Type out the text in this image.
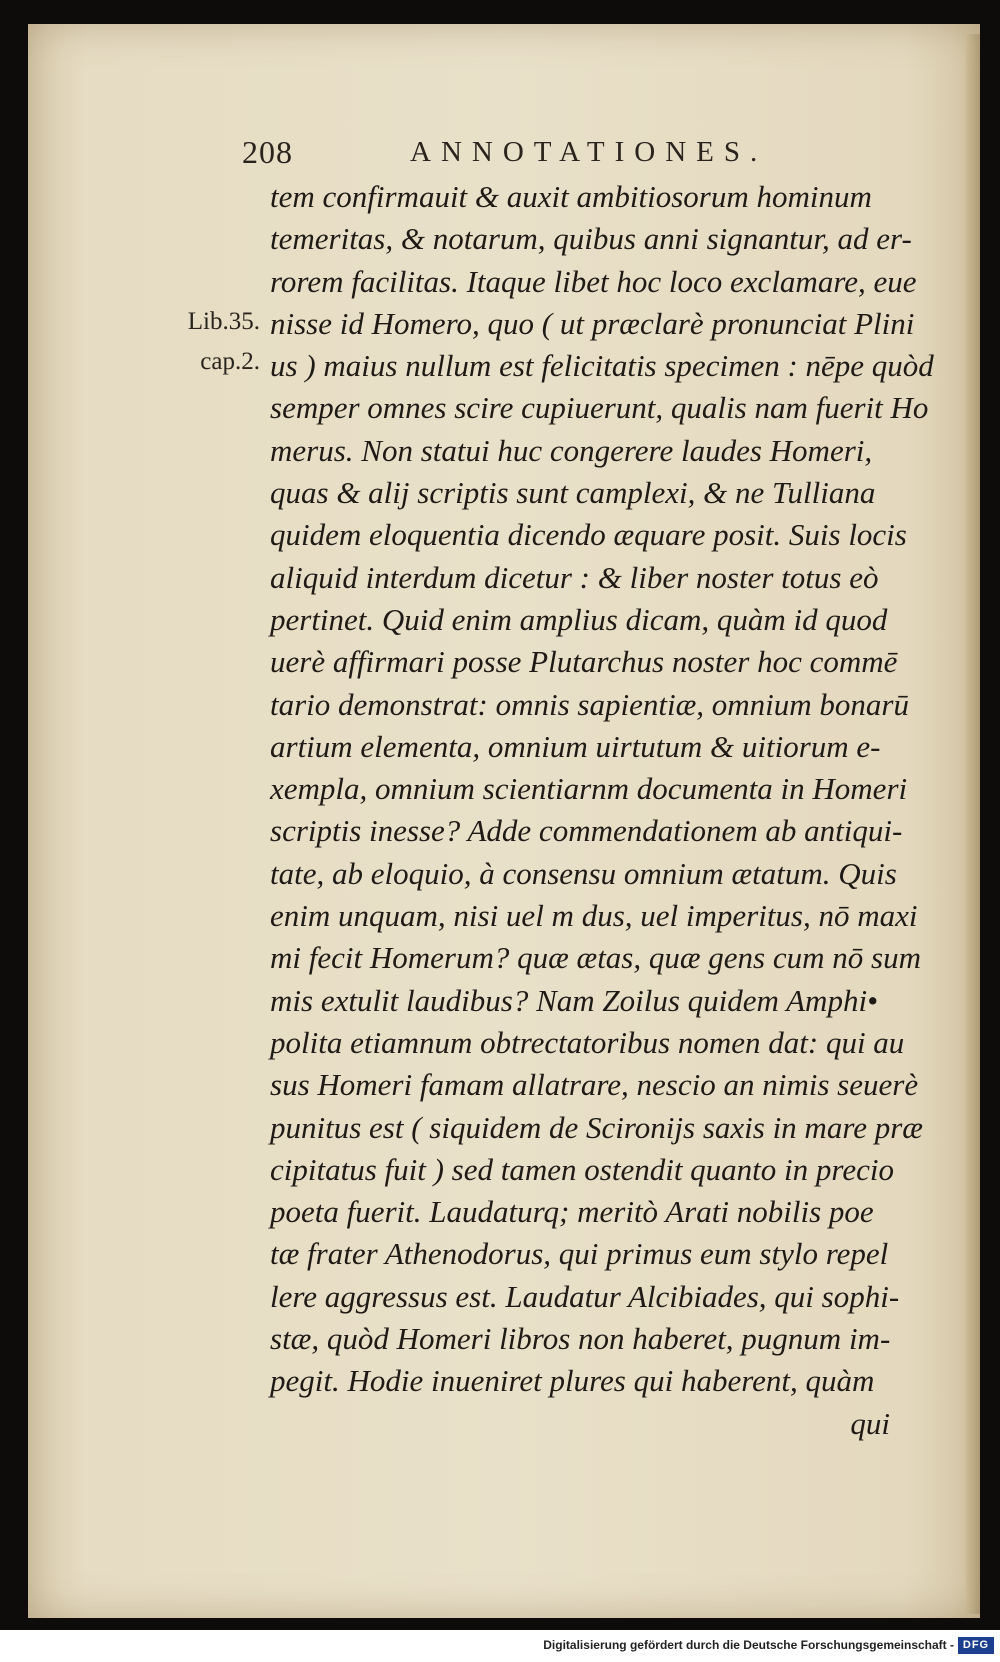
208	ANNOTATIONES.
Lib.35.
cap.2.
tem confirmauit & auxit ambitiosorum hominum
temeritas, & notarum, quibus anni signantur, ad er-
rorem facilitas. Itaque libet hoc loco exclamare, eue
nisse id Homero, quo ( ut præclarè pronunciat Plini
us ) maius nullum est felicitatis specimen : nēpe quòd
semper omnes scire cupiuerunt, qualis nam fuerit Ho
merus. Non statui huc congerere laudes Homeri,
quas & alij scriptis sunt camplexi, & ne Tulliana
quidem eloquentia dicendo æquare posit. Suis locis
aliquid interdum dicetur : & liber noster totus eò
pertinet. Quid enim amplius dicam, quàm id quod
uerè affirmari posse Plutarchus noster hoc commē
tario demonstrat: omnis sapientiæ, omnium bonarū
artium elementa, omnium uirtutum & uitiorum e-
xempla, omnium scientiarnm documenta in Homeri
scriptis inesse? Adde commendationem ab antiqui-
tate, ab eloquio, à consensu omnium ætatum. Quis
enim unquam, nisi uel m dus, uel imperitus, nō maxi
mi fecit Homerum? quæ ætas, quæ gens cum nō sum
mis extulit laudibus? Nam Zoilus quidem Amphi•
polita etiamnum obtrectatoribus nomen dat: qui au
sus Homeri famam allatrare, nescio an nimis seuerè
punitus est ( siquidem de Scironijs saxis in mare præ
cipitatus fuit ) sed tamen ostendit quanto in precio
poeta fuerit. Laudaturq; meritò Arati nobilis poe
tæ frater Athenodorus, qui primus eum stylo repel
lere aggressus est. Laudatur Alcibiades, qui sophi-
stæ, quòd Homeri libros non haberet, pugnum im-
pegit. Hodie inueniret plures qui haberent, quàm
qui
Digitalisierung gefördert durch die Deutsche Forschungsgemeinschaft - DFG
